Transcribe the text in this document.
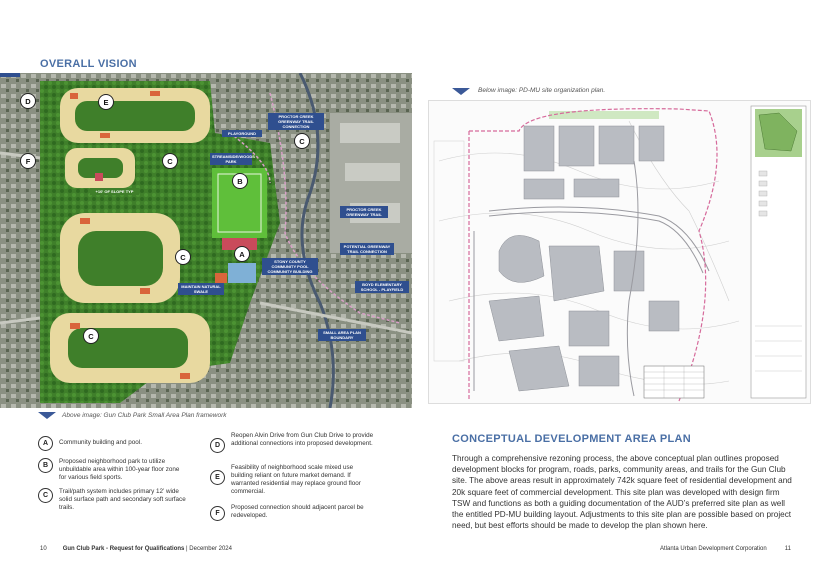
OVERALL VISION
D	E
F	C
C
B
C	A
C
PLAYGROUND
STREAMSIDE/WOODS PARK
+10' OF SLOPE TYP
PROCTOR CREEK GREENWAY TRAIL CONNECTION
PROCTOR CREEK GREENWAY TRAIL
POTENTIAL GREENWAY TRAIL CONNECTION
STONY COUNTY COMMUNITY POOL COMMUNITY BUILDING
BOYD ELEMENTARY SCHOOL - PLAYFIELD
MAINTAIN NATURAL SWALE
SMALL AREA PLAN BOUNDARY
Above image: Gun Club Park Small Area Plan framework
A	Community building and pool.
B
Proposed neighborhood park to utilize unbuildable area within 100-year floor zone for various field sports.
C
Trail/path system includes primary 12’ wide solid surface path and secondary soft surface trails.
D
Reopen Alvin Drive from Gun Club Drive to provide additional connections into proposed development.
E
Feasibility of neighborhood scale mixed use building reliant on future market demand. If warranted residential may replace ground floor commercial.
F
Proposed connection should adjacent parcel be redeveloped.
10	Gun Club Park - Request for Qualifications | December 2024
Below image: PD-MU site organization plan.
CONCEPTUAL DEVELOPMENT AREA PLAN
Through a comprehensive rezoning process, the above conceptual plan outlines proposed development blocks for program, roads, parks, community areas, and trails for the Gun Club site. The above areas result in approximately 742k square feet of residential development and 20k square feet of commercial development. This site plan was developed with design firm TSW and functions as both a guiding documentation of the AUD’s preferred site plan as well the entitled PD-MU building layout. Adjustments to this site plan are possible based on project need, but best efforts should be made to develop the plan shown here.
Atlanta Urban Development Corporation	11
